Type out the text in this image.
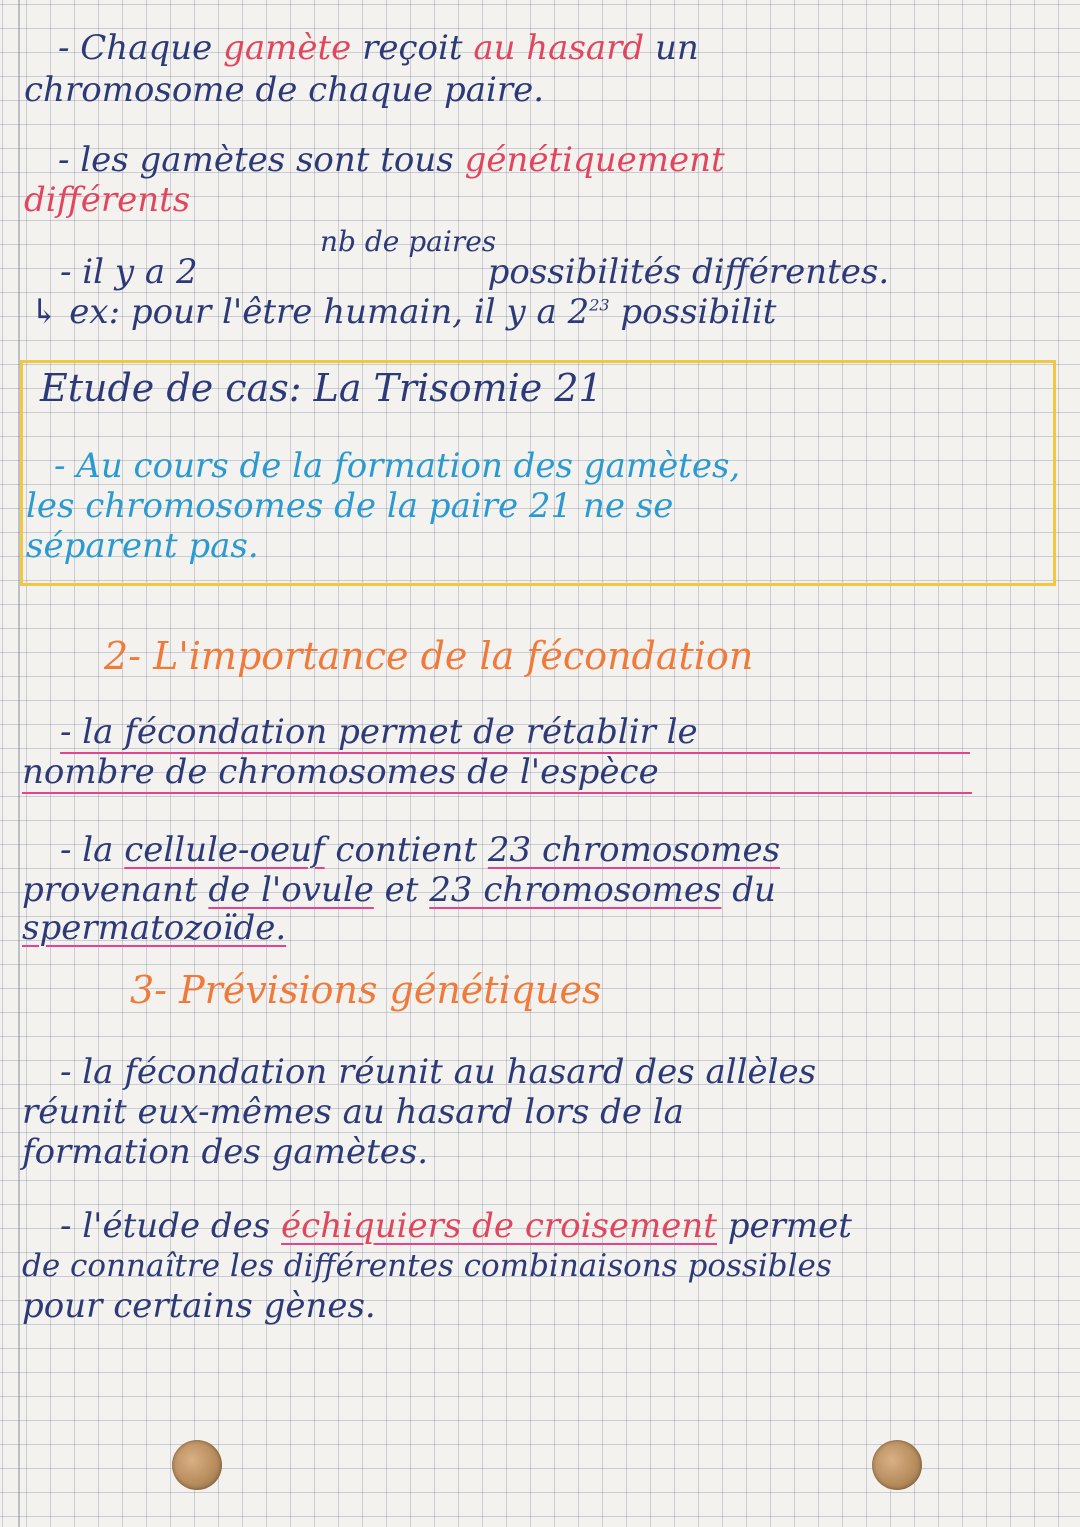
- Chaque gamète reçoit au hasard un
chromosome de chaque paire.
- les gamètes sont tous génétiquement
différents
nb de paires
- il y a 2	possibilités différentes.
↳ ex: pour l'être humain, il y a $2^{23}$ possibilit
Etude de cas: La Trisomie 21
- Au cours de la formation des gamètes,
les chromosomes de la paire 21 ne se
séparent pas.
2- L'importance de la fécondation
- la fécondation permet de rétablir le
nombre de chromosomes de l'espèce
- la cellule-oeuf contient 23 chromosomes
provenant de l'ovule et 23 chromosomes du
spermatozoïde.
3- Prévisions génétiques
- la fécondation réunit au hasard des allèles
réunit eux-mêmes au hasard lors de la
formation des gamètes.
- l'étude des échiquiers de croisement permet
de connaître les différentes combinaisons possibles
pour certains gènes.
